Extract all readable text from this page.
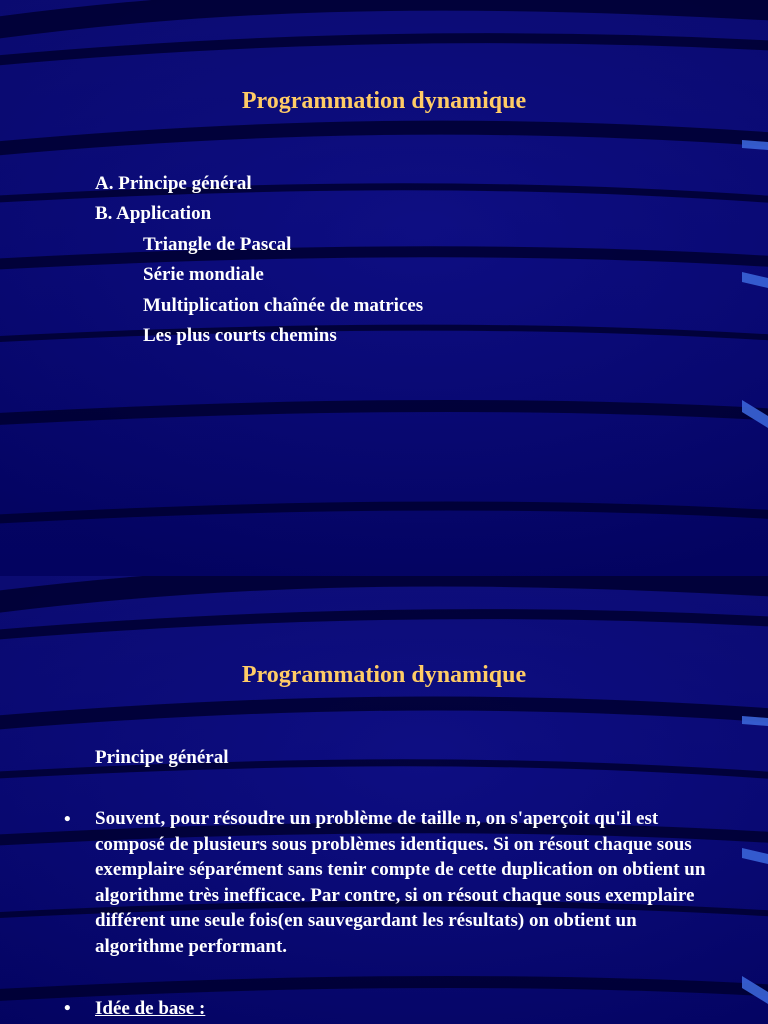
Programmation dynamique
A. Principe général
B. Application
Triangle de Pascal
Série mondiale
Multiplication chaînée de matrices
Les plus courts chemins
Programmation dynamique
Principe général
• Souvent, pour résoudre un problème de taille n, on s'aperçoit qu'il est composé de plusieurs sous problèmes identiques. Si on résout chaque sous exemplaire séparément sans tenir compte de cette duplication on obtient un algorithme très inefficace. Par contre, si on résout chaque sous exemplaire différent une seule fois(en sauvegardant les résultats) on obtient un algorithme performant.
• Idée de base :
